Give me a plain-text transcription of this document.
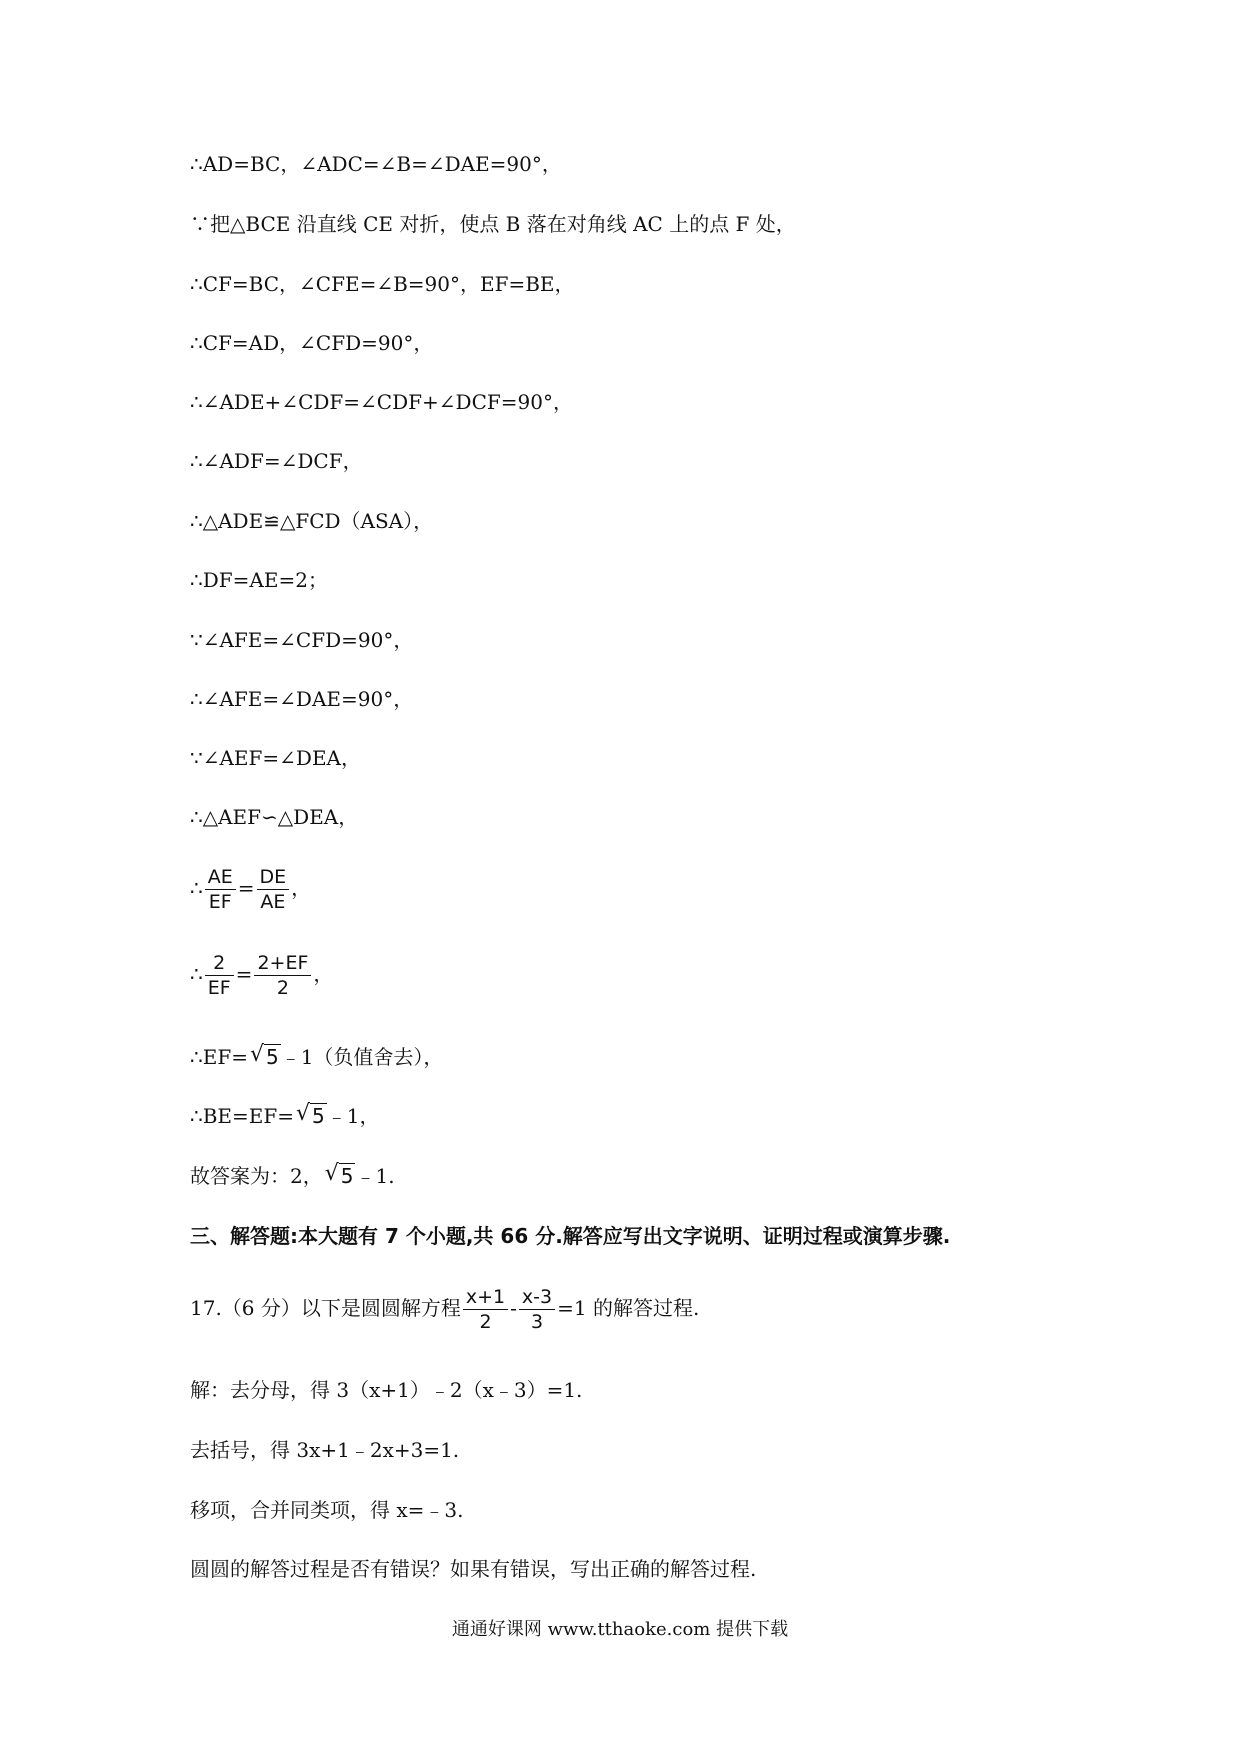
∴AD=BC，∠ADC=∠B=∠DAE=90°，
∵把△BCE 沿直线 CE 对折，使点 B 落在对角线 AC 上的点 F 处，
∴CF=BC，∠CFE=∠B=90°，EF=BE，
∴CF=AD，∠CFD=90°，
∴∠ADE+∠CDF=∠CDF+∠DCF=90°，
∴∠ADF=∠DCF，
∴△ADE≌△FCD（ASA），
∴DF=AE=2；
∵∠AFE=∠CFD=90°，
∴∠AFE=∠DAE=90°，
∵∠AEF=∠DEA，
∴△AEF∽△DEA，
∴ $\frac{AE}{EF} = \frac{DE}{AE}$ ，
∴ $\frac{2}{EF} = \frac{2+EF}{2}$ ，
∴EF= √ 5 ﹣1（负值舍去），
∴BE=EF= √ 5 ﹣1，
故答案为：2， √ 5 ﹣1.
三、解答题:本大题有 7 个小题,共 66 分.解答应写出文字说明、证明过程或演算步骤.
17.（6 分）以下是圆圆解方程 $\frac{x+1}{2} - \frac{x-3}{3} =1$ 的解答过程.
解：去分母，得 3（x+1）﹣2（x﹣3）=1.
去括号，得 3x+1﹣2x+3=1.
移项，合并同类项，得 x=﹣3.
圆圆的解答过程是否有错误？如果有错误，写出正确的解答过程.
通通好课网 www.tthaoke.com 提供下载
